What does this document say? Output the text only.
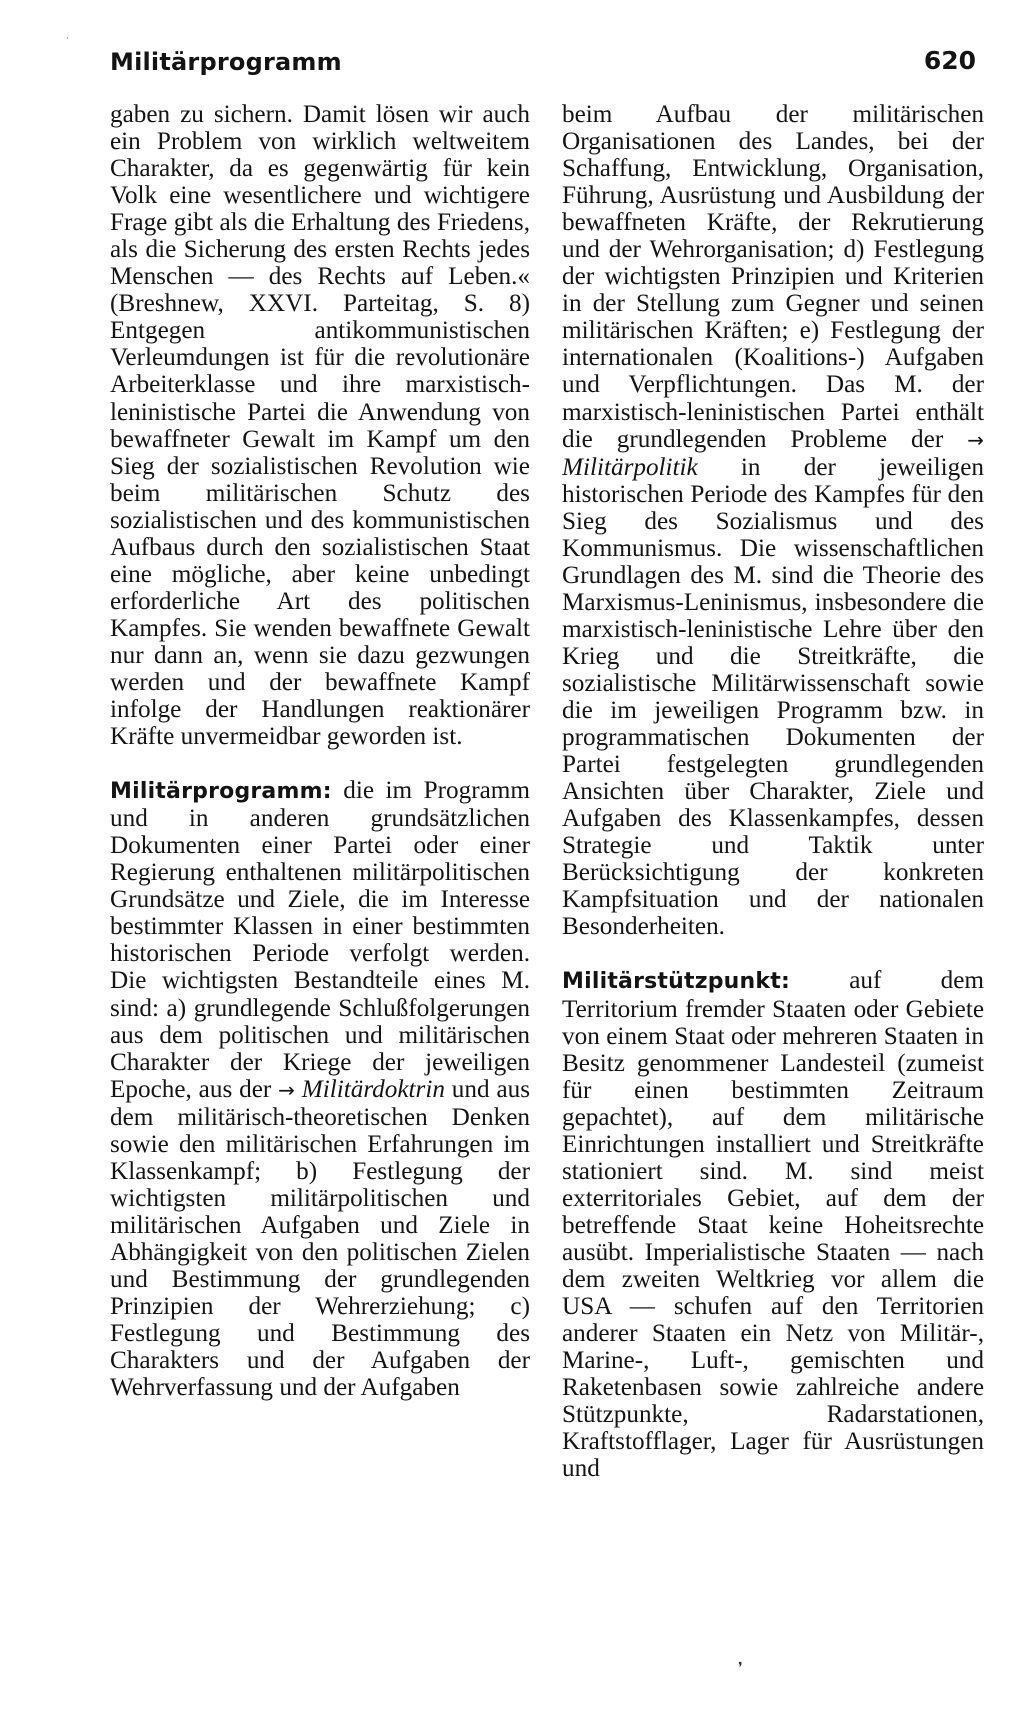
Militärprogramm	620

gaben zu sichern. Damit lösen wir auch ein Problem von wirklich weltweitem Charakter, da es gegenwärtig für kein Volk eine wesentlichere und wichtigere Frage gibt als die Erhaltung des Friedens, als die Sicherung des ersten Rechts jedes Menschen — des Rechts auf Leben.« (Breshnew, XXVI. Parteitag, S. 8) Entgegen antikommunistischen Verleumdungen ist für die revolutionäre Arbeiterklasse und ihre marxistisch-leninistische Partei die Anwendung von bewaffneter Gewalt im Kampf um den Sieg der sozialistischen Revolution wie beim militärischen Schutz des sozialistischen und des kommunistischen Aufbaus durch den sozialistischen Staat eine mögliche, aber keine unbedingt erforderliche Art des politischen Kampfes. Sie wenden bewaffnete Gewalt nur dann an, wenn sie dazu gezwungen werden und der bewaffnete Kampf infolge der Handlungen reaktionärer Kräfte unvermeidbar geworden ist.

Militärprogramm: die im Programm und in anderen grundsätzlichen Dokumenten einer Partei oder einer Regierung enthaltenen militärpolitischen Grundsätze und Ziele, die im Interesse bestimmter Klassen in einer bestimmten historischen Periode verfolgt werden. Die wichtigsten Bestandteile eines M. sind: a) grundlegende Schlußfolgerungen aus dem politischen und militärischen Charakter der Kriege der jeweiligen Epoche, aus der → Militärdoktrin und aus dem militärisch-theoretischen Denken sowie den militärischen Erfahrungen im Klassenkampf; b) Festlegung der wichtigsten militärpolitischen und militärischen Aufgaben und Ziele in Abhängigkeit von den politischen Zielen und Bestimmung der grundlegenden Prinzipien der Wehrerziehung; c) Festlegung und Bestimmung des Charakters und der Aufgaben der Wehrverfassung und der Aufgaben

beim Aufbau der militärischen Organisationen des Landes, bei der Schaffung, Entwicklung, Organisation, Führung, Ausrüstung und Ausbildung der bewaffneten Kräfte, der Rekrutierung und der Wehrorganisation; d) Festlegung der wichtigsten Prinzipien und Kriterien in der Stellung zum Gegner und seinen militärischen Kräften; e) Festlegung der internationalen (Koalitions-) Aufgaben und Verpflichtungen. Das M. der marxistisch-leninistischen Partei enthält die grundlegenden Probleme der → Militärpolitik in der jeweiligen historischen Periode des Kampfes für den Sieg des Sozialismus und des Kommunismus. Die wissenschaftlichen Grundlagen des M. sind die Theorie des Marxismus-Leninismus, insbesondere die marxistisch-leninistische Lehre über den Krieg und die Streitkräfte, die sozialistische Militärwissenschaft sowie die im jeweiligen Programm bzw. in programmatischen Dokumenten der Partei festgelegten grundlegenden Ansichten über Charakter, Ziele und Aufgaben des Klassenkampfes, dessen Strategie und Taktik unter Berücksichtigung der konkreten Kampfsituation und der nationalen Besonderheiten.

Militärstützpunkt: auf dem Territorium fremder Staaten oder Gebiete von einem Staat oder mehreren Staaten in Besitz genommener Landesteil (zumeist für einen bestimmten Zeitraum gepachtet), auf dem militärische Einrichtungen installiert und Streitkräfte stationiert sind. M. sind meist exterritoriales Gebiet, auf dem der betreffende Staat keine Hoheitsrechte ausübt. Imperialistische Staaten — nach dem zweiten Weltkrieg vor allem die USA — schufen auf den Territorien anderer Staaten ein Netz von Militär-, Marine-, Luft-, gemischten und Raketenbasen sowie zahlreiche andere Stützpunkte, Radarstationen, Kraftstofflager, Lager für Ausrüstungen und

·
❜
